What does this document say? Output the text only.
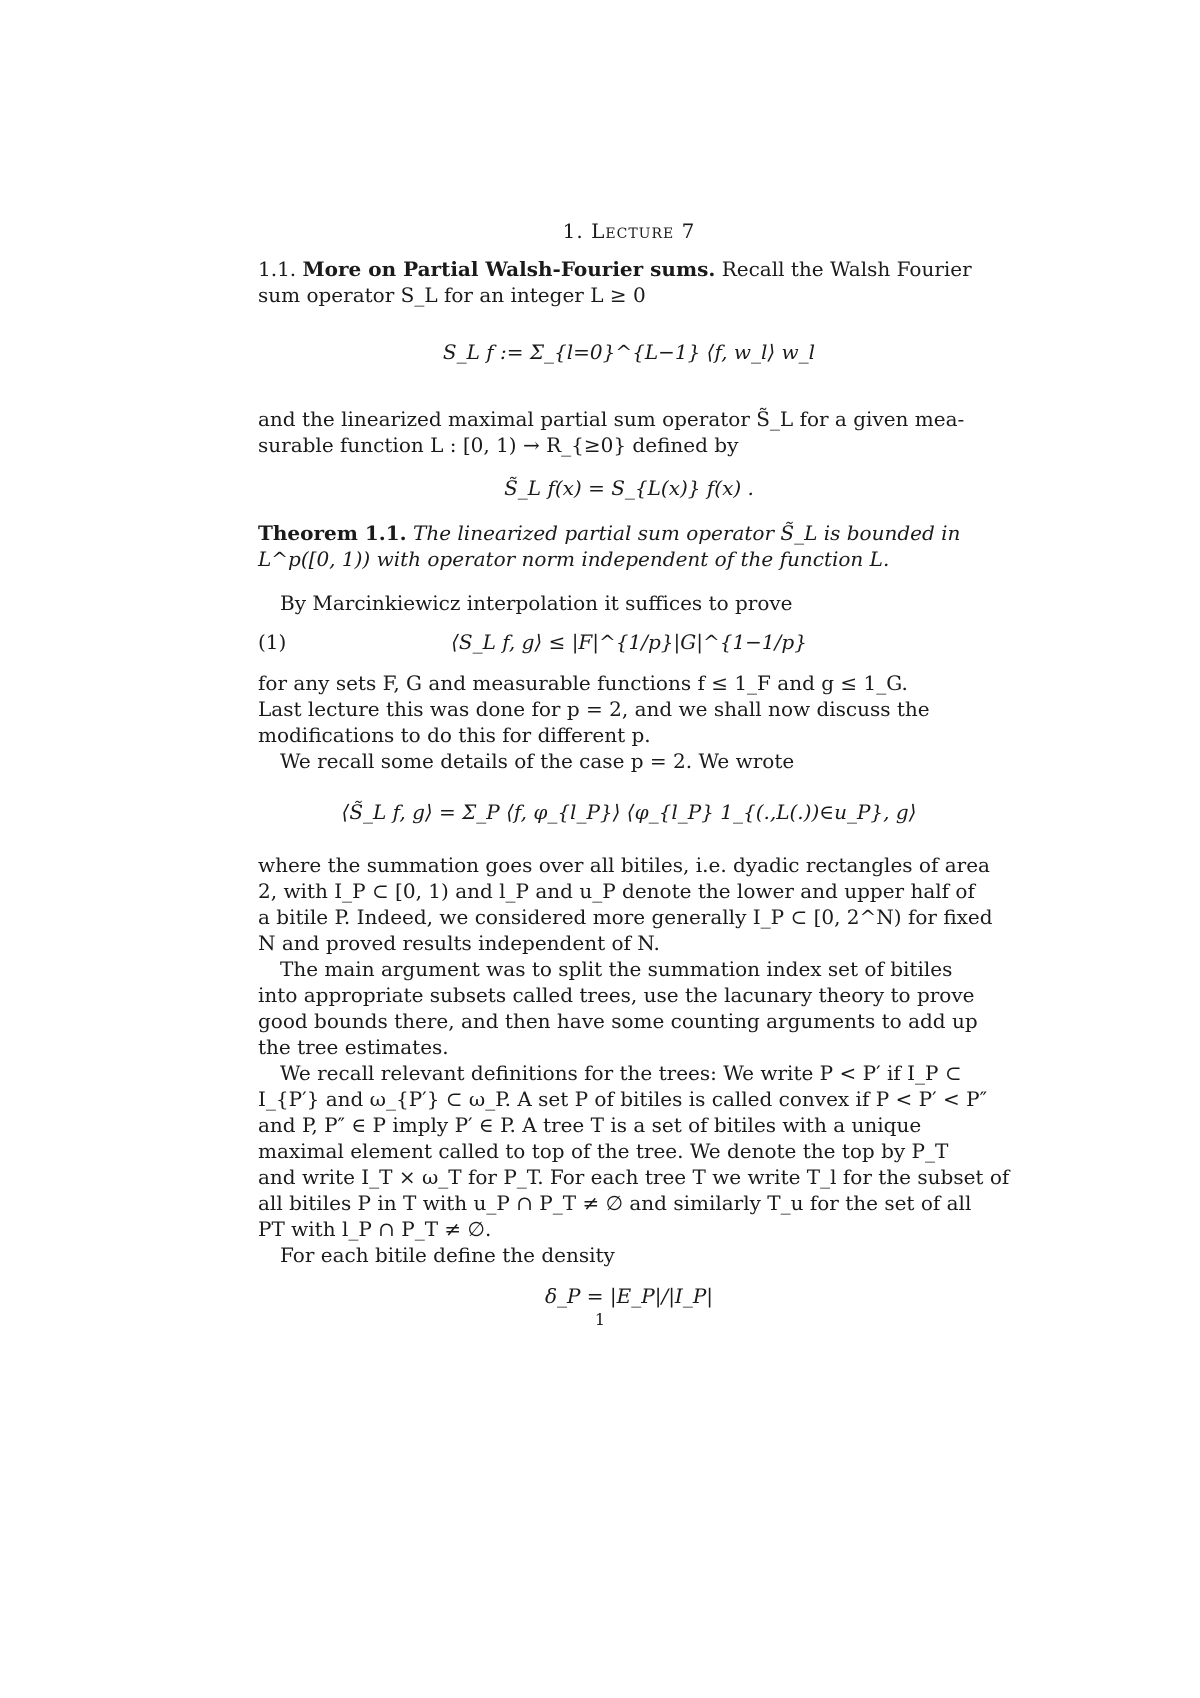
1. Lecture 7
1.1. More on Partial Walsh-Fourier sums. Recall the Walsh Fourier
sum operator S_L for an integer L ≥ 0
S_L f := Σ_{l=0}^{L−1} ⟨f, w_l⟩ w_l
and the linearized maximal partial sum operator S̃_L for a given mea-
surable function L : [0, 1) → R_{≥0} defined by
S̃_L f(x) = S_{L(x)} f(x) .
Theorem 1.1. The linearized partial sum operator S̃_L is bounded in
L^p([0, 1)) with operator norm independent of the function L.
By Marcinkiewicz interpolation it suffices to prove
(1)	⟨S_L f, g⟩ ≤ |F|^{1/p}|G|^{1−1/p}
for any sets F, G and measurable functions f ≤ 1_F and g ≤ 1_G.
Last lecture this was done for p = 2, and we shall now discuss the
modifications to do this for different p.
We recall some details of the case p = 2. We wrote
⟨S̃_L f, g⟩ = Σ_P ⟨f, φ_{l_P}⟩ ⟨φ_{l_P} 1_{(.,L(.))∈u_P}, g⟩
where the summation goes over all bitiles, i.e. dyadic rectangles of area
2, with I_P ⊂ [0, 1) and l_P and u_P denote the lower and upper half of
a bitile P. Indeed, we considered more generally I_P ⊂ [0, 2^N) for fixed
N and proved results independent of N.
The main argument was to split the summation index set of bitiles
into appropriate subsets called trees, use the lacunary theory to prove
good bounds there, and then have some counting arguments to add up
the tree estimates.
We recall relevant definitions for the trees: We write P < P′ if I_P ⊂
I_{P′} and ω_{P′} ⊂ ω_P. A set P of bitiles is called convex if P < P′ < P″
and P, P″ ∈ P imply P′ ∈ P. A tree T is a set of bitiles with a unique
maximal element called to top of the tree. We denote the top by P_T
and write I_T × ω_T for P_T. For each tree T we write T_l for the subset of
all bitiles P in T with u_P ∩ P_T ≠ ∅ and similarly T_u for the set of all
PT with l_P ∩ P_T ≠ ∅.
For each bitile define the density
δ_P = |E_P|/|I_P|
1
